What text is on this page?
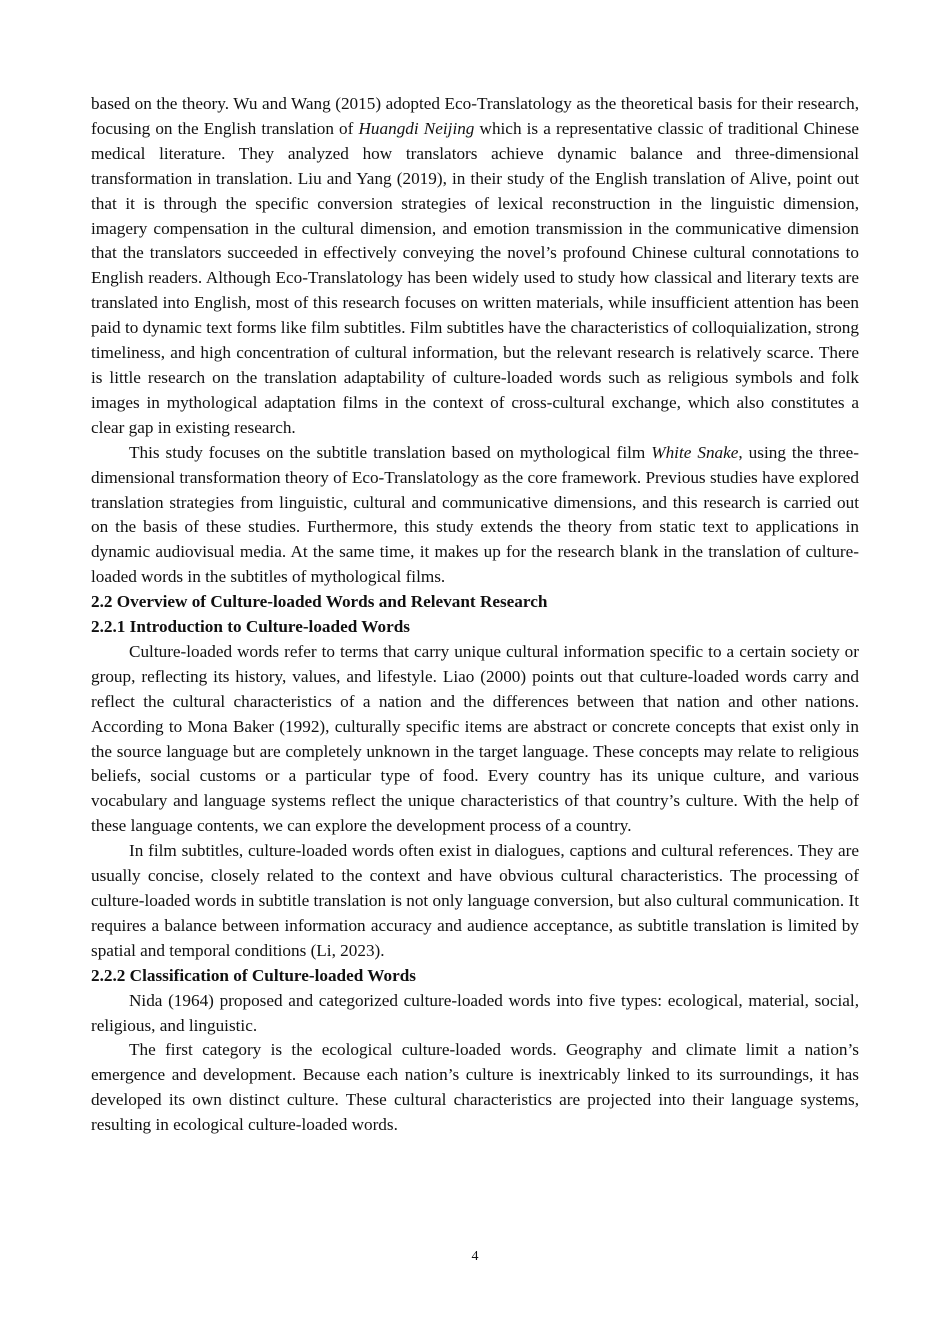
based on the theory. Wu and Wang (2015) adopted Eco-Translatology as the theoretical basis for their research, focusing on the English translation of Huangdi Neijing which is a representative classic of traditional Chinese medical literature. They analyzed how translators achieve dynamic balance and three-dimensional transformation in translation. Liu and Yang (2019), in their study of the English translation of Alive, point out that it is through the specific conversion strategies of lexical reconstruction in the linguistic dimension, imagery compensation in the cultural dimension, and emotion transmission in the communicative dimension that the translators succeeded in effectively conveying the novel’s profound Chinese cultural connotations to English readers. Although Eco-Translatology has been widely used to study how classical and literary texts are translated into English, most of this research focuses on written materials, while insufficient attention has been paid to dynamic text forms like film subtitles. Film subtitles have the characteristics of colloquialization, strong timeliness, and high concentration of cultural information, but the relevant research is relatively scarce. There is little research on the translation adaptability of culture-loaded words such as religious symbols and folk images in mythological adaptation films in the context of cross-cultural exchange, which also constitutes a clear gap in existing research.

This study focuses on the subtitle translation based on mythological film White Snake, using the three-dimensional transformation theory of Eco-Translatology as the core framework. Previous studies have explored translation strategies from linguistic, cultural and communicative dimensions, and this research is carried out on the basis of these studies. Furthermore, this study extends the theory from static text to applications in dynamic audiovisual media. At the same time, it makes up for the research blank in the translation of culture-loaded words in the subtitles of mythological films.

2.2 Overview of Culture-loaded Words and Relevant Research
2.2.1 Introduction to Culture-loaded Words

Culture-loaded words refer to terms that carry unique cultural information specific to a certain society or group, reflecting its history, values, and lifestyle. Liao (2000) points out that culture-loaded words carry and reflect the cultural characteristics of a nation and the differences between that nation and other nations. According to Mona Baker (1992), culturally specific items are abstract or concrete concepts that exist only in the source language but are completely unknown in the target language. These concepts may relate to religious beliefs, social customs or a particular type of food. Every country has its unique culture, and various vocabulary and language systems reflect the unique characteristics of that country’s culture. With the help of these language contents, we can explore the development process of a country.

In film subtitles, culture-loaded words often exist in dialogues, captions and cultural references. They are usually concise, closely related to the context and have obvious cultural characteristics. The processing of culture-loaded words in subtitle translation is not only language conversion, but also cultural communication. It requires a balance between information accuracy and audience acceptance, as subtitle translation is limited by spatial and temporal conditions (Li, 2023).

2.2.2 Classification of Culture-loaded Words

Nida (1964) proposed and categorized culture-loaded words into five types: ecological, material, social, religious, and linguistic.

The first category is the ecological culture-loaded words. Geography and climate limit a nation’s emergence and development. Because each nation’s culture is inextricably linked to its surroundings, it has developed its own distinct culture. These cultural characteristics are projected into their language systems, resulting in ecological culture-loaded words.

4
